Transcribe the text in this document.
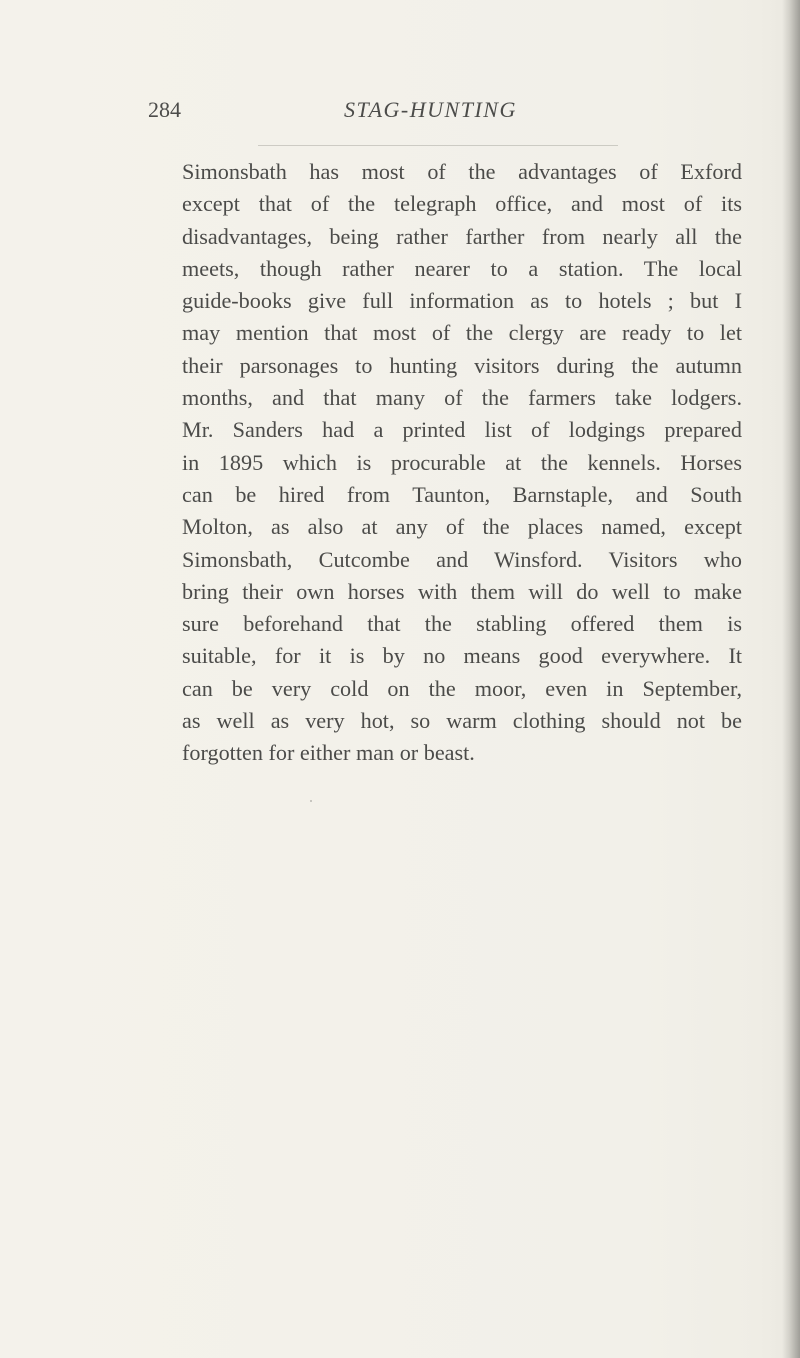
284	STAG-HUNTING
Simonsbath has most of the advantages of Exford
except that of the telegraph office, and most of its
disadvantages, being rather farther from nearly all the
meets, though rather nearer to a station. The local
guide-books give full information as to hotels ; but I
may mention that most of the clergy are ready to let
their parsonages to hunting visitors during the autumn
months, and that many of the farmers take lodgers.
Mr. Sanders had a printed list of lodgings prepared
in 1895 which is procurable at the kennels. Horses
can be hired from Taunton, Barnstaple, and South
Molton, as also at any of the places named, except
Simonsbath, Cutcombe and Winsford. Visitors who
bring their own horses with them will do well to make
sure beforehand that the stabling offered them is
suitable, for it is by no means good everywhere. It
can be very cold on the moor, even in September,
as well as very hot, so warm clothing should not be
forgotten for either man or beast.
